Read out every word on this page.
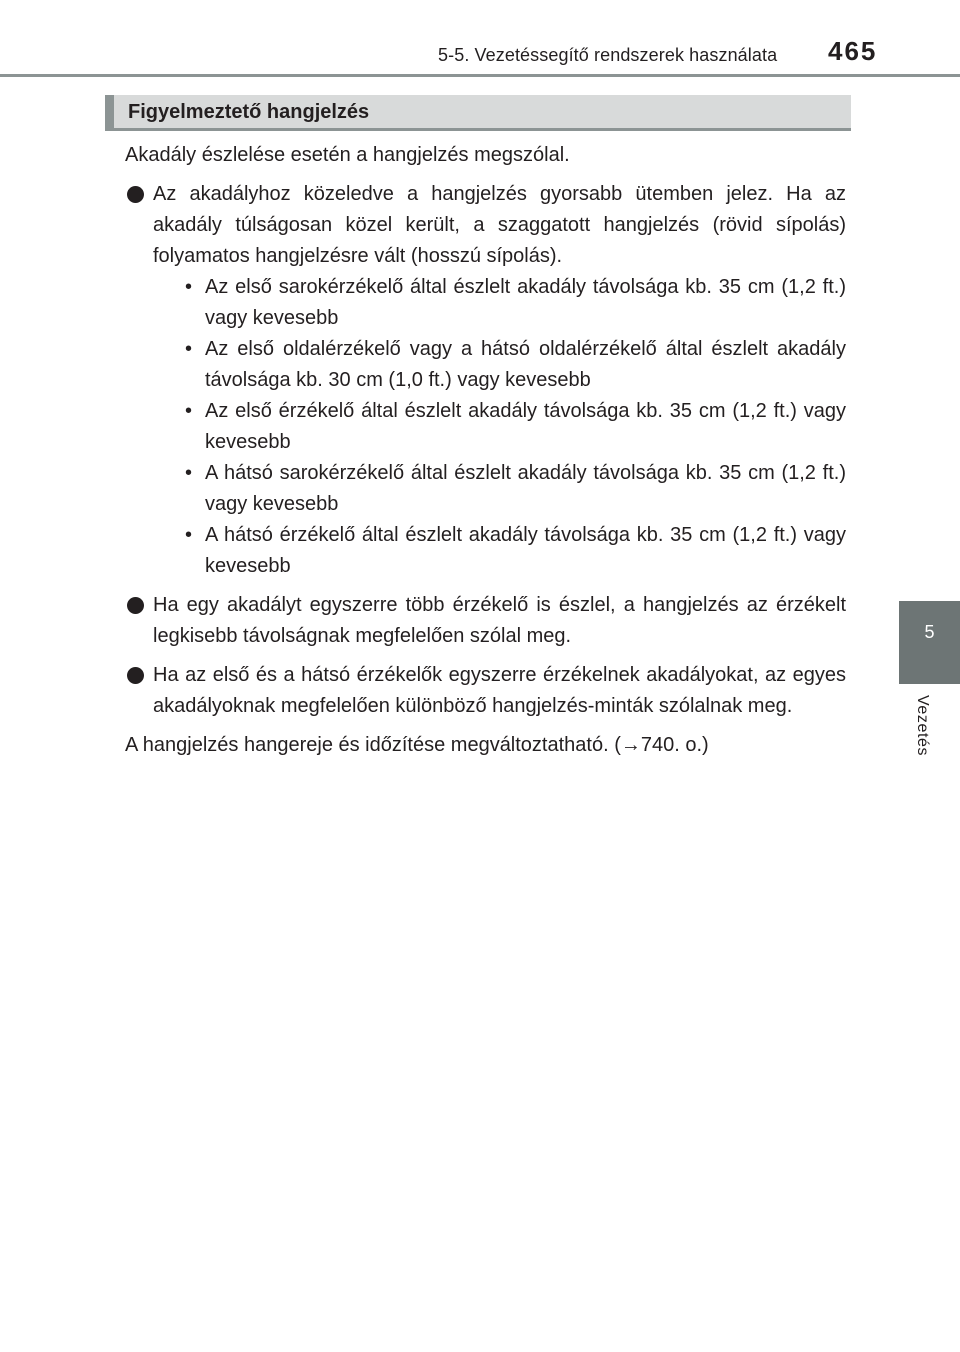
5-5. Vezetéssegítő rendszerek használata 465
5
Vezetés
Figyelmeztető hangjelzés

Akadály észlelése esetén a hangjelzés megszólal.

Az akadályhoz közeledve a hangjelzés gyorsabb ütemben jelez. Ha az akadály túlságosan közel került, a szaggatott hangjelzés (rövid sípolás) folyamatos hangjelzésre vált (hosszú sípolás).
• Az első sarokérzékelő által észlelt akadály távolsága kb. 35 cm (1,2 ft.) vagy kevesebb
• Az első oldalérzékelő vagy a hátsó oldalérzékelő által észlelt akadály távolsága kb. 30 cm (1,0 ft.) vagy kevesebb
• Az első érzékelő által észlelt akadály távolsága kb. 35 cm (1,2 ft.) vagy kevesebb
• A hátsó sarokérzékelő által észlelt akadály távolsága kb. 35 cm (1,2 ft.) vagy kevesebb
• A hátsó érzékelő által észlelt akadály távolsága kb. 35 cm (1,2 ft.) vagy kevesebb
Ha egy akadályt egyszerre több érzékelő is észlel, a hangjelzés az érzékelt legkisebb távolságnak megfelelően szólal meg.
Ha az első és a hátsó érzékelők egyszerre érzékelnek akadályokat, az egyes akadályoknak megfelelően különböző hangjelzés-minták szólalnak meg.

A hangjelzés hangereje és időzítése megváltoztatható. (→740. o.)
